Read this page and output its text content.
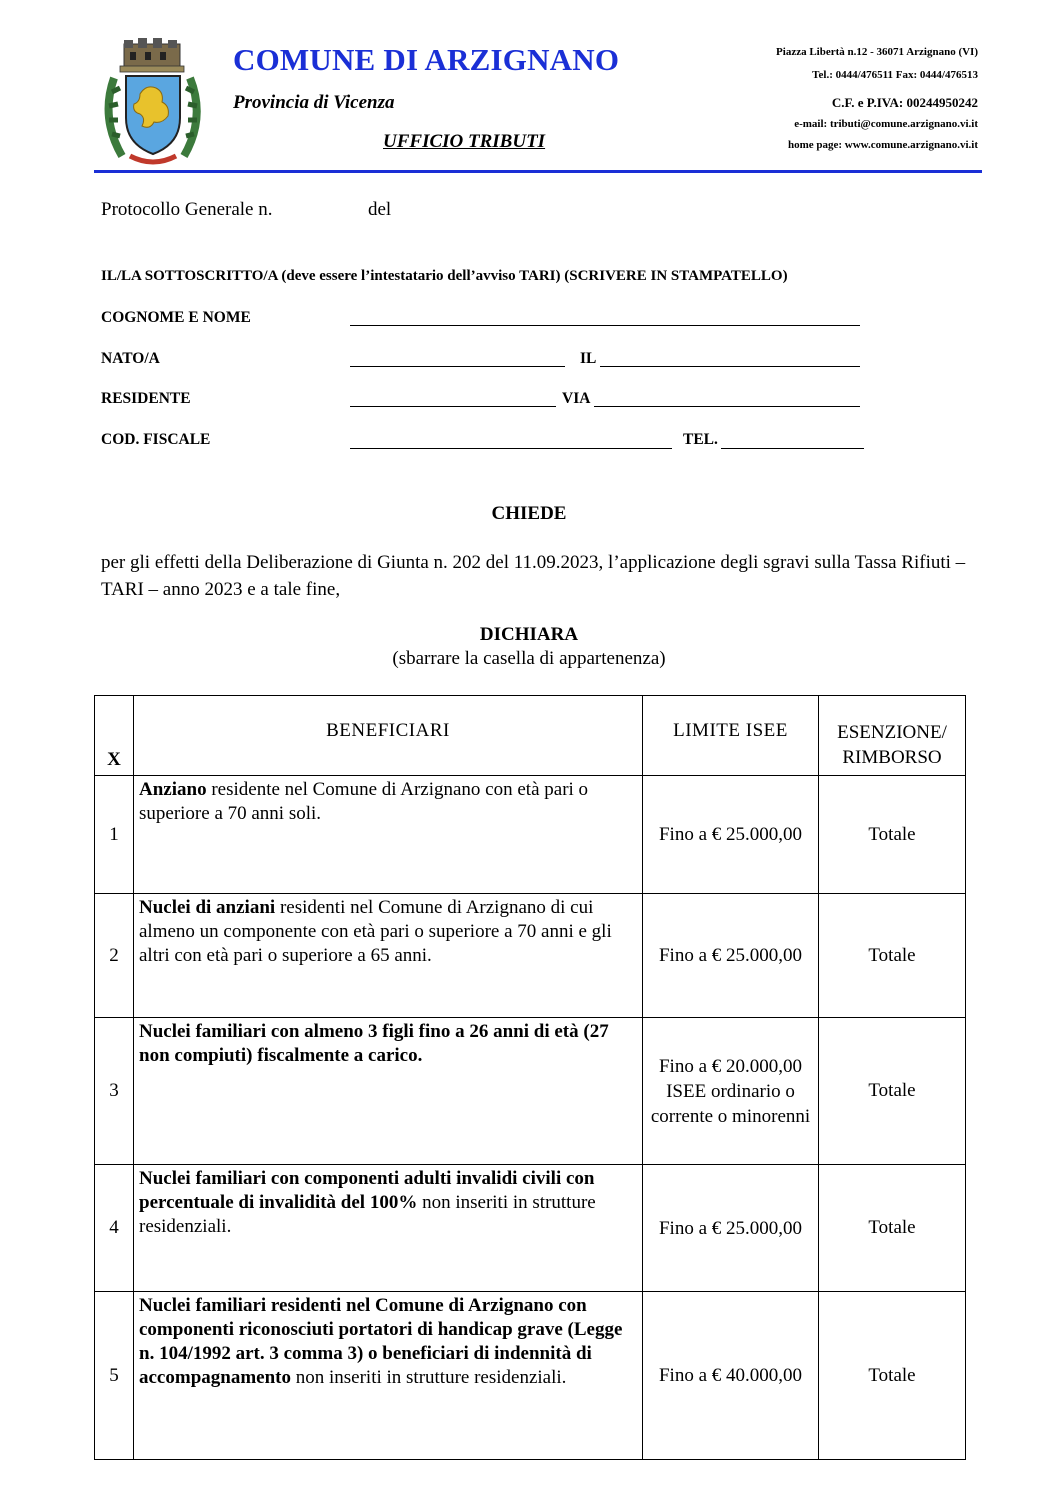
COMUNE DI ARZIGNANO
Provincia di Vicenza
UFFICIO TRIBUTI
Piazza Libertà n.12 - 36071 Arzignano (VI)
Tel.: 0444/476511 Fax: 0444/476513
C.F. e P.IVA: 00244950242
e-mail: tributi@comune.arzignano.vi.it
home page: www.comune.arzignano.vi.it
Protocollo Generale n.	del
IL/LA SOTTOSCRITTO/A (deve essere l’intestatario dell’avviso TARI) (SCRIVERE IN STAMPATELLO)
COGNOME E NOME
NATO/A	IL
RESIDENTE	VIA
COD. FISCALE	TEL.
CHIEDE
per gli effetti della Deliberazione di Giunta n. 202 del 11.09.2023, l’applicazione degli sgravi sulla Tassa Rifiuti – TARI – anno 2023 e a tale fine,
DICHIARA
(sbarrare la casella di appartenenza)
X	BENEFICIARI	LIMITE ISEE	ESENZIONE/ RIMBORSO
1	Anziano residente nel Comune di Arzignano con età pari o superiore a 70 anni soli.	Fino a € 25.000,00	Totale
2	Nuclei di anziani residenti nel Comune di Arzignano di cui almeno un componente con età pari o superiore a 70 anni e gli altri con età pari o superiore a 65 anni.	Fino a € 25.000,00	Totale
3	Nuclei familiari con almeno 3 figli fino a 26 anni di età (27 non compiuti) fiscalmente a carico.	Fino a € 20.000,00 ISEE ordinario o corrente o minorenni	Totale
4	Nuclei familiari con componenti adulti invalidi civili con percentuale di invalidità del 100% non inseriti in strutture residenziali.	Fino a € 25.000,00	Totale
5	Nuclei familiari residenti nel Comune di Arzignano con componenti riconosciuti portatori di handicap grave (Legge n. 104/1992 art. 3 comma 3) o beneficiari di indennità di accompagnamento non inseriti in strutture residenziali.	Fino a € 40.000,00	Totale
